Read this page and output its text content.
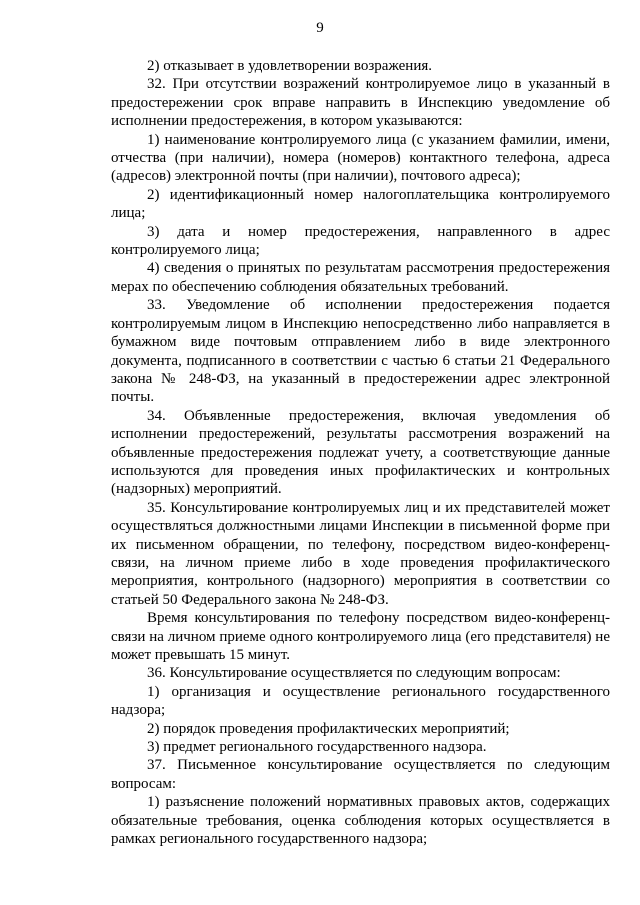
9

2) отказывает в удовлетворении возражения.

32. При отсутствии возражений контролируемое лицо в указанный в предостережении срок вправе направить в Инспекцию уведомление об исполнении предостережения, в котором указываются:

1) наименование контролируемого лица (с указанием фамилии, имени, отчества (при наличии), номера (номеров) контактного телефона, адреса (адресов) электронной почты (при наличии), почтового адреса);

2) идентификационный номер налогоплательщика контролируемого лица;

3) дата и номер предостережения, направленного в адрес контролируемого лица;

4) сведения о принятых по результатам рассмотрения предостережения мерах по обеспечению соблюдения обязательных требований.

33. Уведомление об исполнении предостережения подается контролируемым лицом в Инспекцию непосредственно либо направляется в бумажном виде почтовым отправлением либо в виде электронного документа, подписанного в соответствии с частью 6 статьи 21 Федерального закона № 248-ФЗ, на указанный в предостережении адрес электронной почты.

34. Объявленные предостережения, включая уведомления об исполнении предостережений, результаты рассмотрения возражений на объявленные предостережения подлежат учету, а соответствующие данные используются для проведения иных профилактических и контрольных (надзорных) мероприятий.

35. Консультирование контролируемых лиц и их представителей может осуществляться должностными лицами Инспекции в письменной форме при их письменном обращении, по телефону, посредством видео-конференц-связи, на личном приеме либо в ходе проведения профилактического мероприятия, контрольного (надзорного) мероприятия в соответствии со статьей 50 Федерального закона № 248-ФЗ.

Время консультирования по телефону посредством видео-конференц-связи на личном приеме одного контролируемого лица (его представителя) не может превышать 15 минут.

36. Консультирование осуществляется по следующим вопросам:

1) организация и осуществление регионального государственного надзора;

2) порядок проведения профилактических мероприятий;

3) предмет регионального государственного надзора.

37. Письменное консультирование осуществляется по следующим вопросам:

1) разъяснение положений нормативных правовых актов, содержащих обязательные требования, оценка соблюдения которых осуществляется в рамках регионального государственного надзора;
